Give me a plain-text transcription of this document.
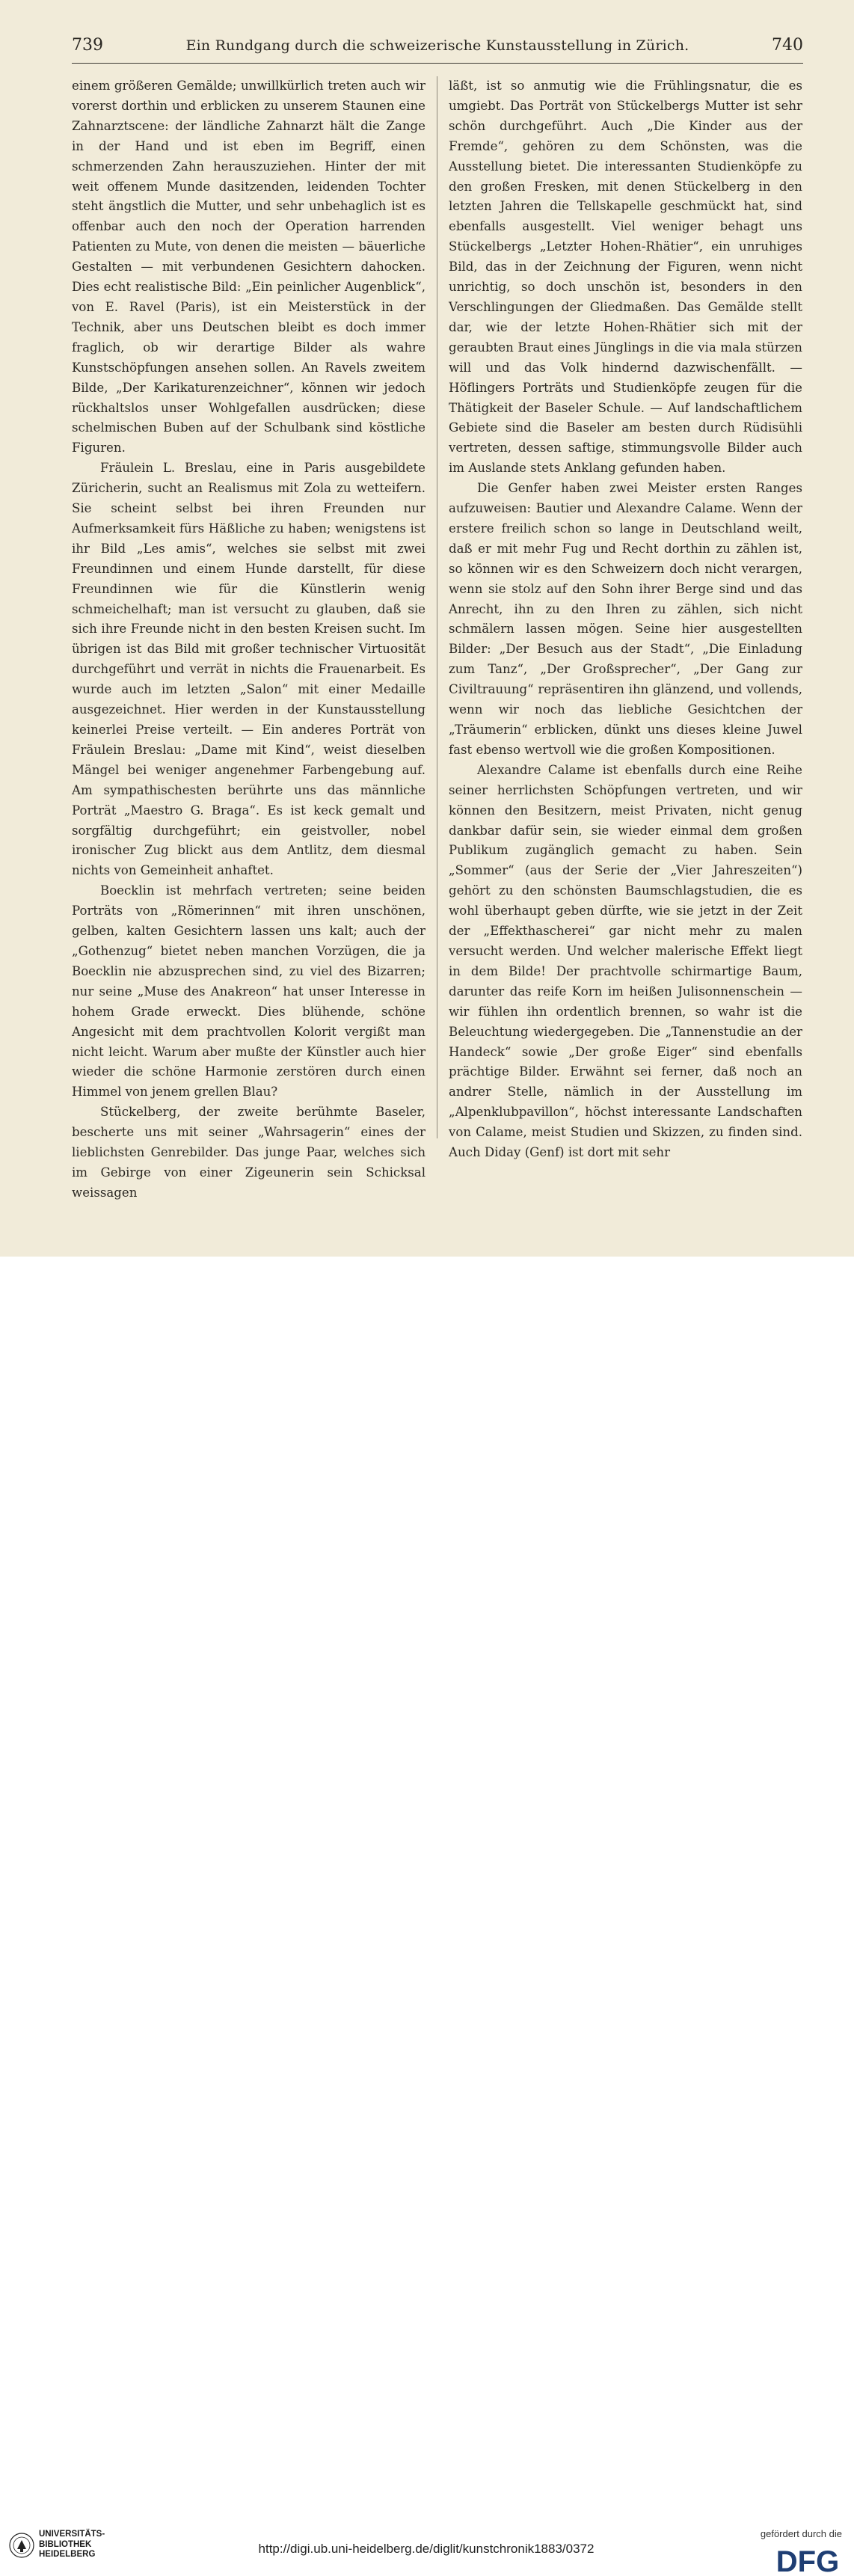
739	Ein Rundgang durch die schweizerische Kunstausstellung in Zürich.	740

einem größeren Gemälde; unwillkürlich treten auch wir vorerst dorthin und erblicken zu unserem Staunen eine Zahnarztscene: der ländliche Zahnarzt hält die Zange in der Hand und ist eben im Begriff, einen schmerzenden Zahn herauszuziehen. Hinter der mit weit offenem Munde dasitzenden, leidenden Tochter steht ängstlich die Mutter, und sehr unbehaglich ist es offenbar auch den noch der Operation harrenden Patienten zu Mute, von denen die meisten — bäuerliche Gestalten — mit verbundenen Gesichtern dahocken. Dies echt realistische Bild: „Ein peinlicher Augenblick“, von E. Ravel (Paris), ist ein Meisterstück in der Technik, aber uns Deutschen bleibt es doch immer fraglich, ob wir derartige Bilder als wahre Kunstschöpfungen ansehen sollen. An Ravels zweitem Bilde, „Der Karikaturenzeichner“, können wir jedoch rückhaltslos unser Wohlgefallen ausdrücken; diese schelmischen Buben auf der Schulbank sind köstliche Figuren.

Fräulein L. Breslau, eine in Paris ausgebildete Züricherin, sucht an Realismus mit Zola zu wetteifern. Sie scheint selbst bei ihren Freunden nur Aufmerksamkeit fürs Häßliche zu haben; wenigstens ist ihr Bild „Les amis“, welches sie selbst mit zwei Freundinnen und einem Hunde darstellt, für diese Freundinnen wie für die Künstlerin wenig schmeichelhaft; man ist versucht zu glauben, daß sie sich ihre Freunde nicht in den besten Kreisen sucht. Im übrigen ist das Bild mit großer technischer Virtuosität durchgeführt und verrät in nichts die Frauenarbeit. Es wurde auch im letzten „Salon“ mit einer Medaille ausgezeichnet. Hier werden in der Kunstausstellung keinerlei Preise verteilt. — Ein anderes Porträt von Fräulein Breslau: „Dame mit Kind“, weist dieselben Mängel bei weniger angenehmer Farbengebung auf. Am sympathischesten berührte uns das männliche Porträt „Maestro G. Braga“. Es ist keck gemalt und sorgfältig durchgeführt; ein geistvoller, nobel ironischer Zug blickt aus dem Antlitz, dem diesmal nichts von Gemeinheit anhaftet.

Boecklin ist mehrfach vertreten; seine beiden Porträts von „Römerinnen“ mit ihren unschönen, gelben, kalten Gesichtern lassen uns kalt; auch der „Gothenzug“ bietet neben manchen Vorzügen, die ja Boecklin nie abzusprechen sind, zu viel des Bizarren; nur seine „Muse des Anakreon“ hat unser Interesse in hohem Grade erweckt. Dies blühende, schöne Angesicht mit dem prachtvollen Kolorit vergißt man nicht leicht. Warum aber mußte der Künstler auch hier wieder die schöne Harmonie zerstören durch einen Himmel von jenem grellen Blau?

Stückelberg, der zweite berühmte Baseler, bescherte uns mit seiner „Wahrsagerin“ eines der lieblichsten Genrebilder. Das junge Paar, welches sich im Gebirge von einer Zigeunerin sein Schicksal weissagen

läßt, ist so anmutig wie die Frühlingsnatur, die es umgiebt. Das Porträt von Stückelbergs Mutter ist sehr schön durchgeführt. Auch „Die Kinder aus der Fremde“, gehören zu dem Schönsten, was die Ausstellung bietet. Die interessanten Studienköpfe zu den großen Fresken, mit denen Stückelberg in den letzten Jahren die Tellskapelle geschmückt hat, sind ebenfalls ausgestellt. Viel weniger behagt uns Stückelbergs „Letzter Hohen-Rhätier“, ein unruhiges Bild, das in der Zeichnung der Figuren, wenn nicht unrichtig, so doch unschön ist, besonders in den Verschlingungen der Gliedmaßen. Das Gemälde stellt dar, wie der letzte Hohen-Rhätier sich mit der geraubten Braut eines Jünglings in die via mala stürzen will und das Volk hindernd dazwischenfällt. — Höflingers Porträts und Studienköpfe zeugen für die Thätigkeit der Baseler Schule. — Auf landschaftlichem Gebiete sind die Baseler am besten durch Rüdisühli vertreten, dessen saftige, stimmungsvolle Bilder auch im Auslande stets Anklang gefunden haben.

Die Genfer haben zwei Meister ersten Ranges aufzuweisen: Bautier und Alexandre Calame. Wenn der erstere freilich schon so lange in Deutschland weilt, daß er mit mehr Fug und Recht dorthin zu zählen ist, so können wir es den Schweizern doch nicht verargen, wenn sie stolz auf den Sohn ihrer Berge sind und das Anrecht, ihn zu den Ihren zu zählen, sich nicht schmälern lassen mögen. Seine hier ausgestellten Bilder: „Der Besuch aus der Stadt“, „Die Einladung zum Tanz“, „Der Großsprecher“, „Der Gang zur Civiltrauung“ repräsentiren ihn glänzend, und vollends, wenn wir noch das liebliche Gesichtchen der „Träumerin“ erblicken, dünkt uns dieses kleine Juwel fast ebenso wertvoll wie die großen Kompositionen.

Alexandre Calame ist ebenfalls durch eine Reihe seiner herrlichsten Schöpfungen vertreten, und wir können den Besitzern, meist Privaten, nicht genug dankbar dafür sein, sie wieder einmal dem großen Publikum zugänglich gemacht zu haben. Sein „Sommer“ (aus der Serie der „Vier Jahreszeiten“) gehört zu den schönsten Baumschlagstudien, die es wohl überhaupt geben dürfte, wie sie jetzt in der Zeit der „Effekthascherei“ gar nicht mehr zu malen versucht werden. Und welcher malerische Effekt liegt in dem Bilde! Der prachtvolle schirmartige Baum, darunter das reife Korn im heißen Julisonnenschein — wir fühlen ihn ordentlich brennen, so wahr ist die Beleuchtung wiedergegeben. Die „Tannenstudie an der Handeck“ sowie „Der große Eiger“ sind ebenfalls prächtige Bilder. Erwähnt sei ferner, daß noch an andrer Stelle, nämlich in der Ausstellung im „Alpenklubpavillon“, höchst interessante Landschaften von Calame, meist Studien und Skizzen, zu finden sind. Auch Diday (Genf) ist dort mit sehr

UNIVERSITÄTS-
BIBLIOTHEK
HEIDELBERG	http://digi.ub.uni-heidelberg.de/diglit/kunstchronik1883/0372
gefördert durch die
DFG
